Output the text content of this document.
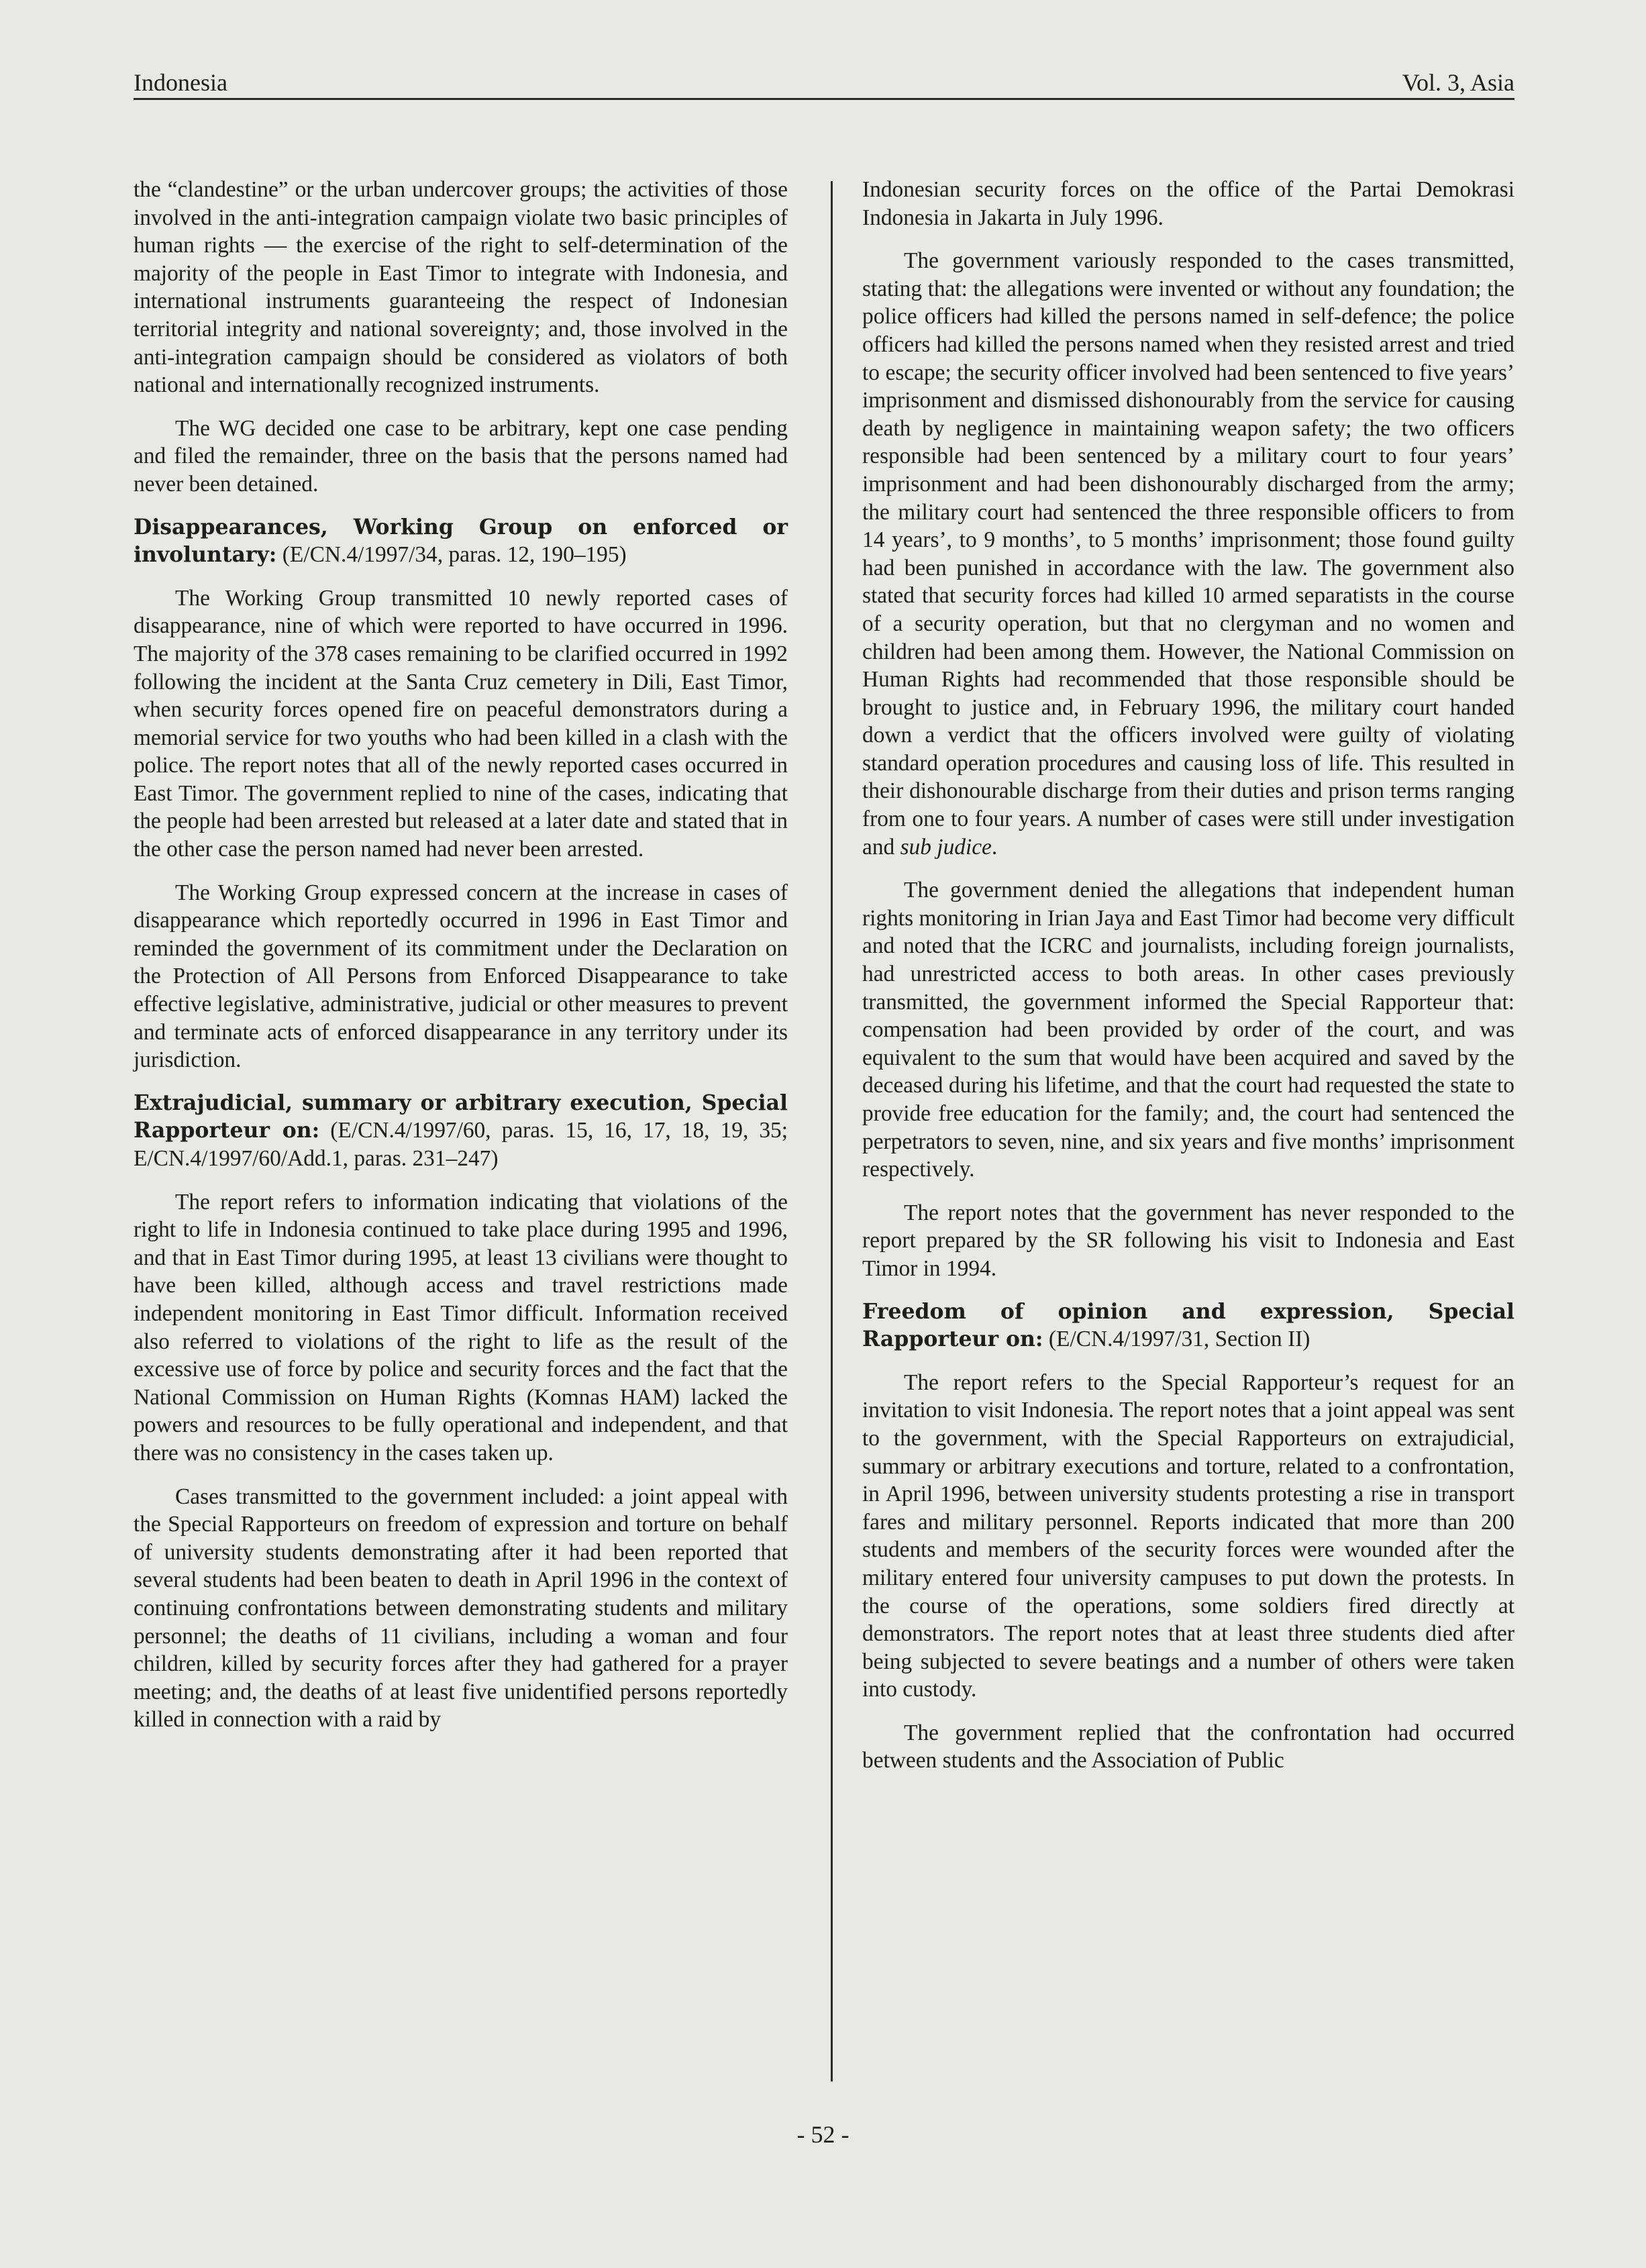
Indonesia	Vol. 3, Asia

the “clandestine” or the urban undercover groups; the activities of those involved in the anti-integration campaign violate two basic principles of human rights — the exercise of the right to self-determination of the majority of the people in East Timor to integrate with Indonesia, and international instruments guaranteeing the respect of Indonesian territorial integrity and national sovereignty; and, those involved in the anti-integration campaign should be considered as violators of both national and internationally recognized instruments.

The WG decided one case to be arbitrary, kept one case pending and filed the remainder, three on the basis that the persons named had never been detained.

Disappearances, Working Group on enforced or involuntary: (E/CN.4/1997/34, paras. 12, 190–195)

The Working Group transmitted 10 newly reported cases of disappearance, nine of which were reported to have occurred in 1996. The majority of the 378 cases remaining to be clarified occurred in 1992 following the incident at the Santa Cruz cemetery in Dili, East Timor, when security forces opened fire on peaceful demonstrators during a memorial service for two youths who had been killed in a clash with the police. The report notes that all of the newly reported cases occurred in East Timor. The government replied to nine of the cases, indicating that the people had been arrested but released at a later date and stated that in the other case the person named had never been arrested.

The Working Group expressed concern at the increase in cases of disappearance which reportedly occurred in 1996 in East Timor and reminded the government of its commitment under the Declaration on the Protection of All Persons from Enforced Disappearance to take effective legislative, administrative, judicial or other measures to prevent and terminate acts of enforced disappearance in any territory under its jurisdiction.

Extrajudicial, summary or arbitrary execution, Special Rapporteur on: (E/CN.4/1997/60, paras. 15, 16, 17, 18, 19, 35; E/CN.4/1997/60/Add.1, paras. 231–247)

The report refers to information indicating that violations of the right to life in Indonesia continued to take place during 1995 and 1996, and that in East Timor during 1995, at least 13 civilians were thought to have been killed, although access and travel restrictions made independent monitoring in East Timor difficult. Information received also referred to violations of the right to life as the result of the excessive use of force by police and security forces and the fact that the National Commission on Human Rights (Komnas HAM) lacked the powers and resources to be fully operational and independent, and that there was no consistency in the cases taken up.

Cases transmitted to the government included: a joint appeal with the Special Rapporteurs on freedom of expression and torture on behalf of university students demonstrating after it had been reported that several students had been beaten to death in April 1996 in the context of continuing confrontations between demonstrating students and military personnel; the deaths of 11 civilians, including a woman and four children, killed by security forces after they had gathered for a prayer meeting; and, the deaths of at least five unidentified persons reportedly killed in connection with a raid by

Indonesian security forces on the office of the Partai Demokrasi Indonesia in Jakarta in July 1996.

The government variously responded to the cases transmitted, stating that: the allegations were invented or without any foundation; the police officers had killed the persons named in self-defence; the police officers had killed the persons named when they resisted arrest and tried to escape; the security officer involved had been sentenced to five years’ imprisonment and dismissed dishonourably from the service for causing death by negligence in maintaining weapon safety; the two officers responsible had been sentenced by a military court to four years’ imprisonment and had been dishonourably discharged from the army; the military court had sentenced the three responsible officers to from 14 years’, to 9 months’, to 5 months’ imprisonment; those found guilty had been punished in accordance with the law. The government also stated that security forces had killed 10 armed separatists in the course of a security operation, but that no clergyman and no women and children had been among them. However, the National Commission on Human Rights had recommended that those responsible should be brought to justice and, in February 1996, the military court handed down a verdict that the officers involved were guilty of violating standard operation procedures and causing loss of life. This resulted in their dishonourable discharge from their duties and prison terms ranging from one to four years. A number of cases were still under investigation and sub judice.

The government denied the allegations that independent human rights monitoring in Irian Jaya and East Timor had become very difficult and noted that the ICRC and journalists, including foreign journalists, had unrestricted access to both areas. In other cases previously transmitted, the government informed the Special Rapporteur that: compensation had been provided by order of the court, and was equivalent to the sum that would have been acquired and saved by the deceased during his lifetime, and that the court had requested the state to provide free education for the family; and, the court had sentenced the perpetrators to seven, nine, and six years and five months’ imprisonment respectively.

The report notes that the government has never responded to the report prepared by the SR following his visit to Indonesia and East Timor in 1994.

Freedom of opinion and expression, Special Rapporteur on: (E/CN.4/1997/31, Section II)

The report refers to the Special Rapporteur’s request for an invitation to visit Indonesia. The report notes that a joint appeal was sent to the government, with the Special Rapporteurs on extrajudicial, summary or arbitrary executions and torture, related to a confrontation, in April 1996, between university students protesting a rise in transport fares and military personnel. Reports indicated that more than 200 students and members of the security forces were wounded after the military entered four university campuses to put down the protests. In the course of the operations, some soldiers fired directly at demonstrators. The report notes that at least three students died after being subjected to severe beatings and a number of others were taken into custody.

The government replied that the confrontation had occurred between students and the Association of Public

- 52 -
